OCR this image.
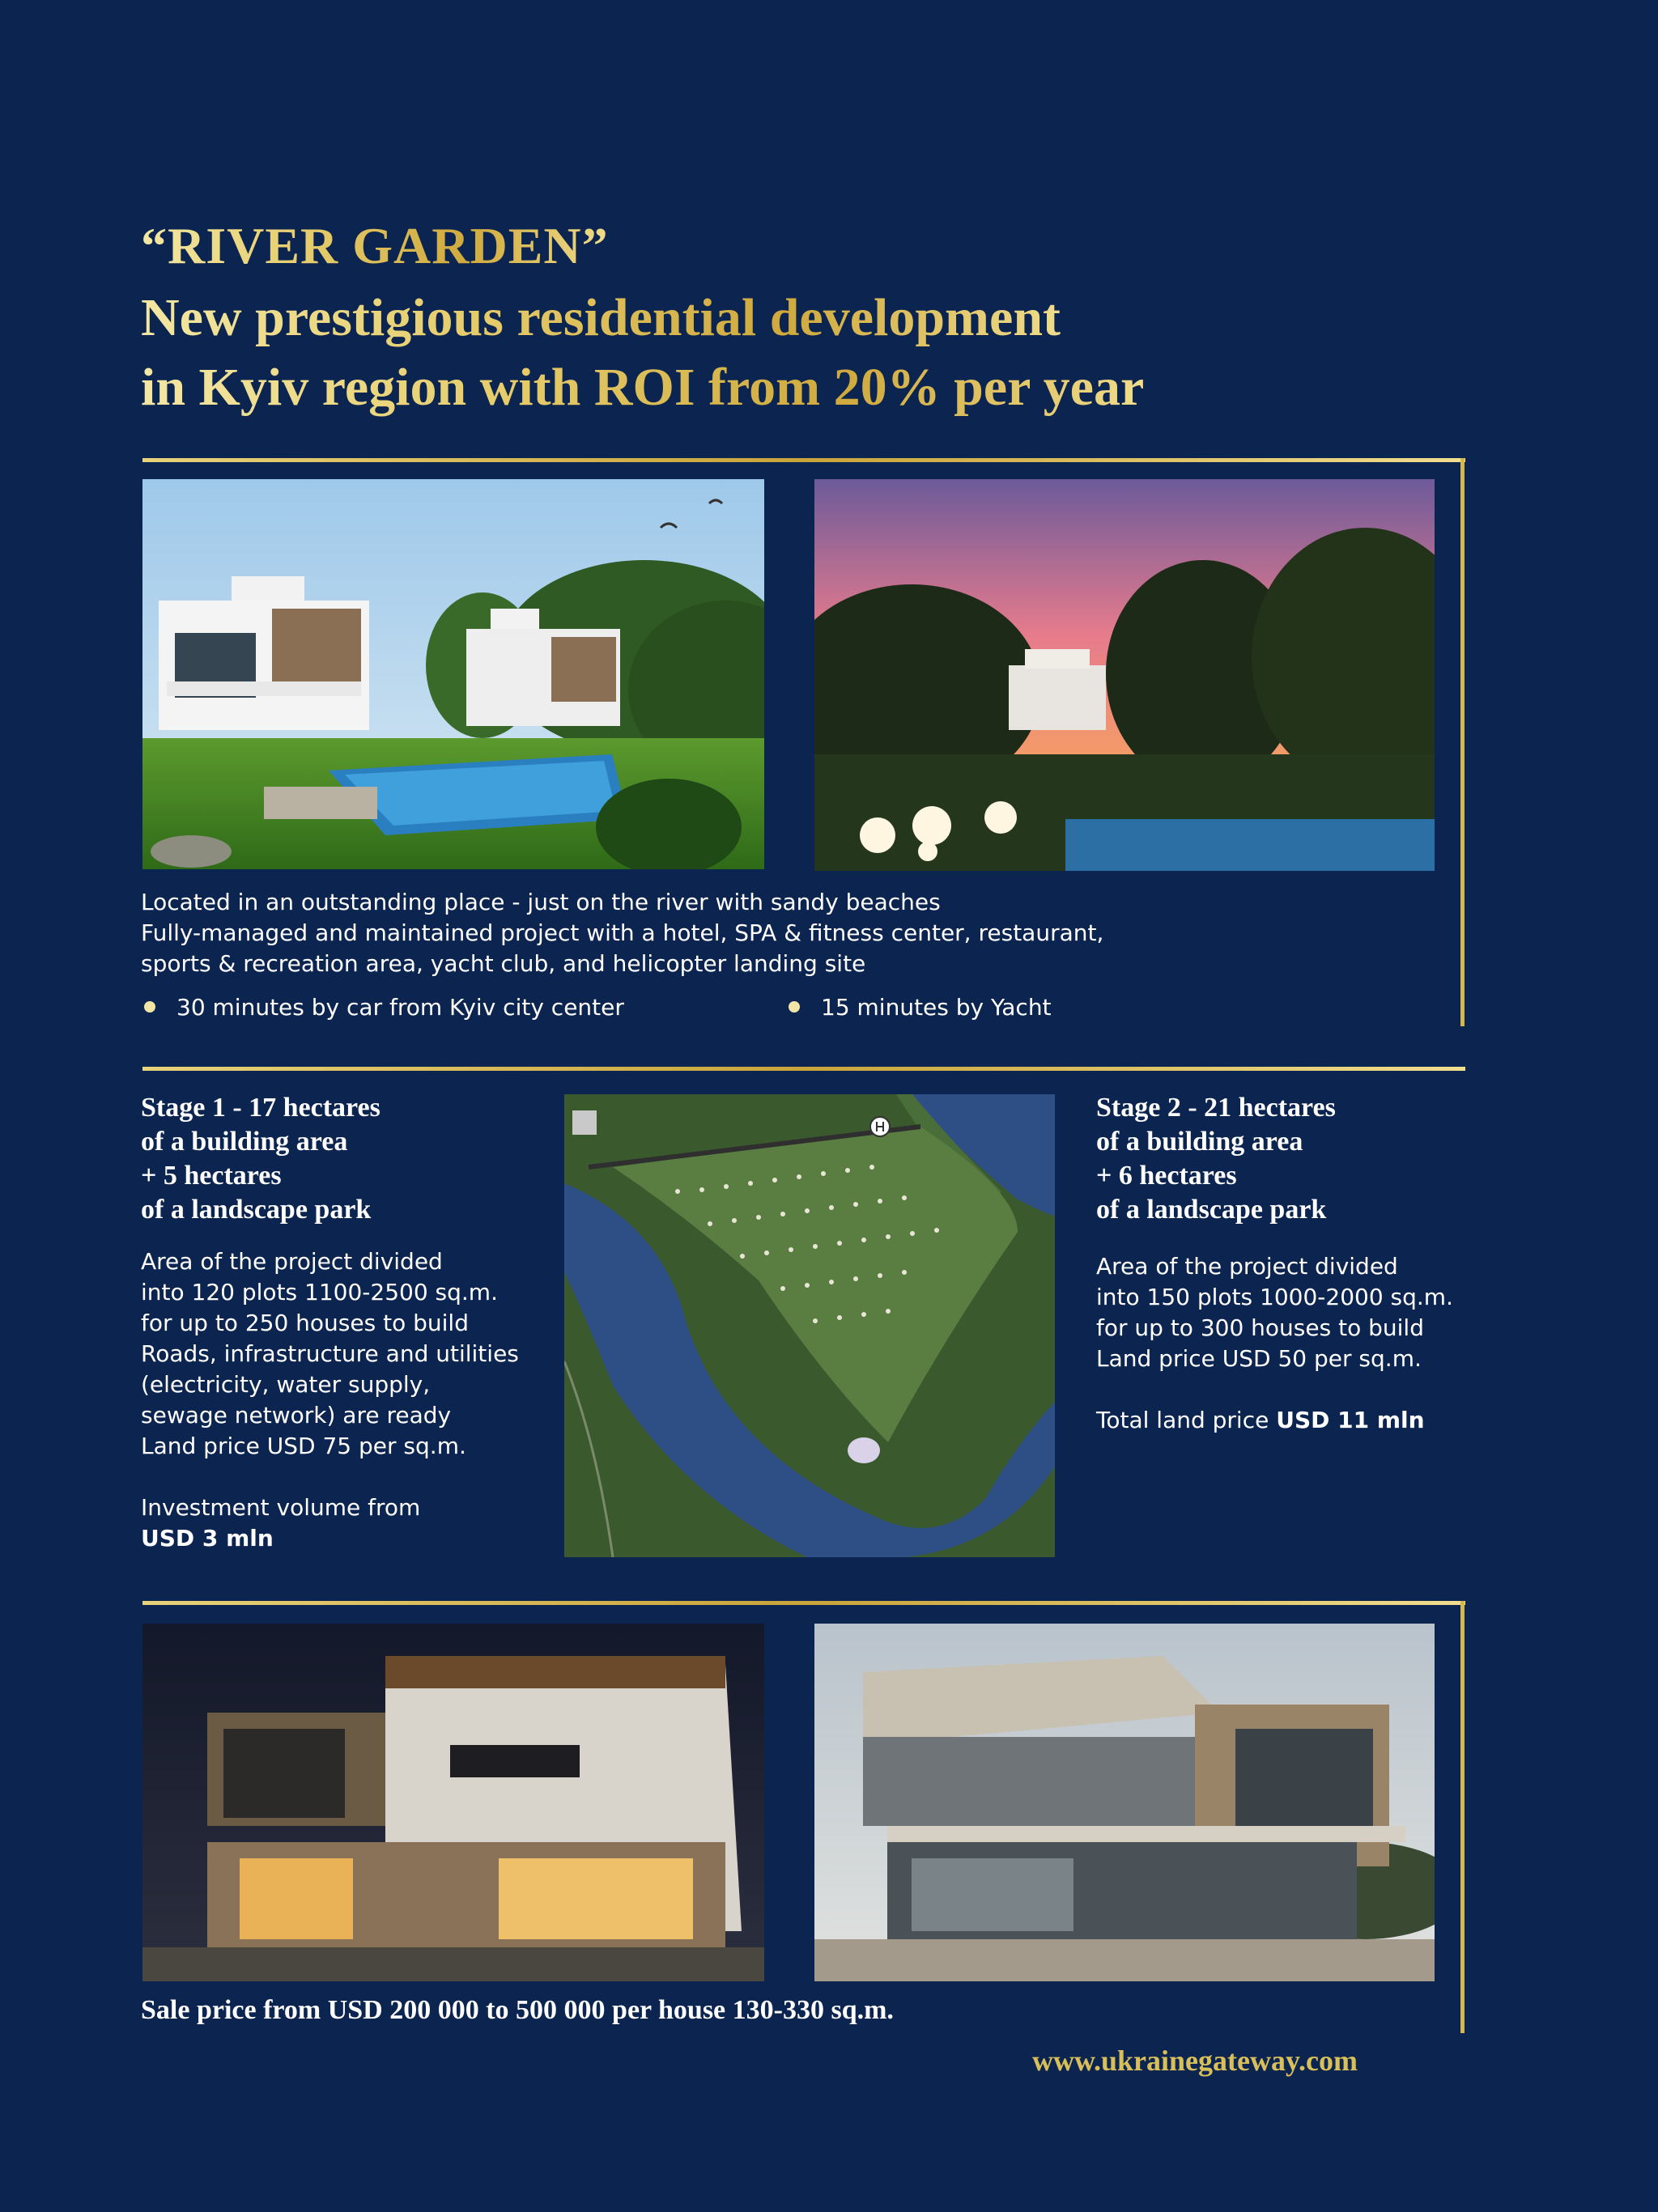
“RIVER GARDEN”
New prestigious residential development
in Kyiv region with ROI from 20% per year
Located in an outstanding place - just on the river with sandy beaches
Fully-managed and maintained project with a hotel, SPA & fitness center, restaurant,
sports & recreation area, yacht club, and helicopter landing site
30 minutes by car from Kyiv city center	15 minutes by Yacht
Stage 1 - 17 hectares
of a building area
+ 5 hectares
of a landscape park
Area of the project divided
into 120 plots 1100-2500 sq.m.
for up to 250 houses to build
Roads, infrastructure and utilities
(electricity, water supply,
sewage network) are ready
Land price USD 75 per sq.m.
Investment volume from
USD 3 mln
Stage 2 - 21 hectares
of a building area
+ 6 hectares
of a landscape park
Area of the project divided
into 150 plots 1000-2000 sq.m.
for up to 300 houses to build
Land price USD 50 per sq.m.
Total land price USD 11 mln
Sale price from USD 200 000 to 500 000 per house 130-330 sq.m.
www.ukrainegateway.com
